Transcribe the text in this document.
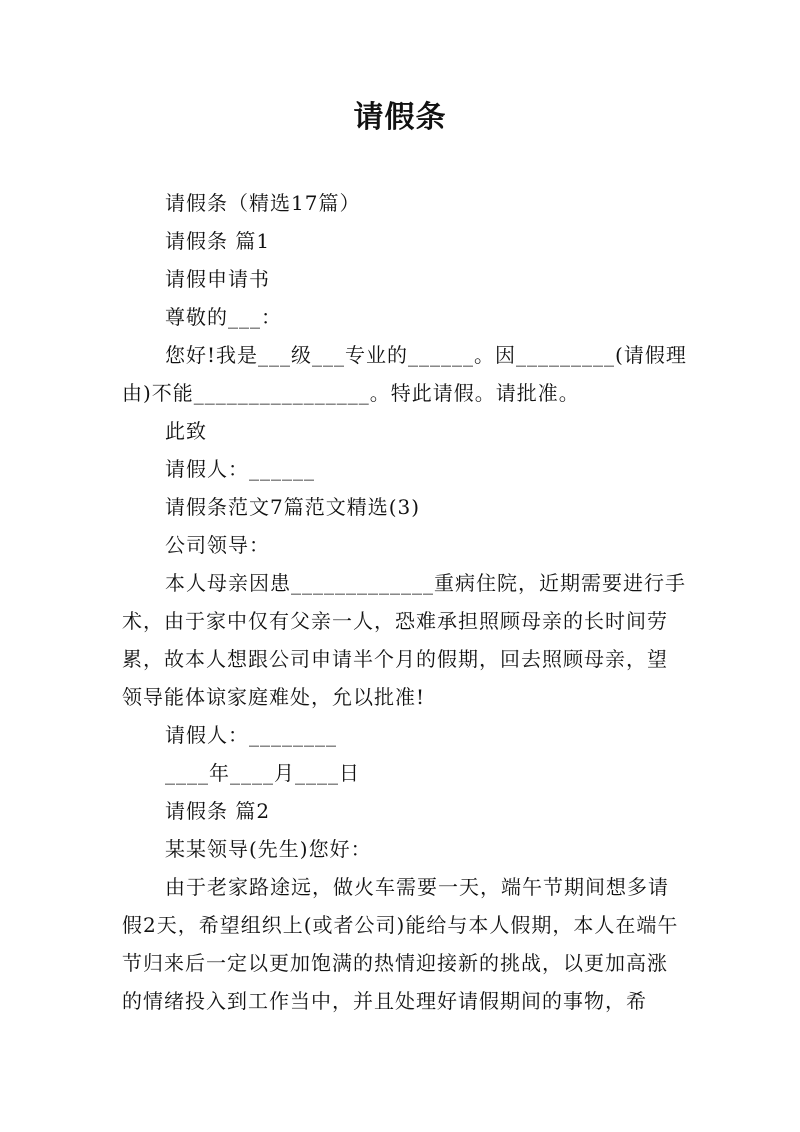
请假条

请假条（精选17篇）

请假条 篇1

请假申请书

尊敬的___：

您好!我是___级___专业的______。因_________(请假理由)不能________________。特此请假。请批准。

此致

请假人：______

请假条范文7篇范文精选(3)

公司领导：

本人母亲因患_____________重病住院，近期需要进行手术，由于家中仅有父亲一人，恐难承担照顾母亲的长时间劳累，故本人想跟公司申请半个月的假期，回去照顾母亲，望领导能体谅家庭难处，允以批准!

请假人：________

____年____月____日

请假条 篇2

某某领导(先生)您好：

由于老家路途远，做火车需要一天，端午节期间想多请假2天，希望组织上(或者公司)能给与本人假期，本人在端午节归来后一定以更加饱满的热情迎接新的挑战，以更加高涨的情绪投入到工作当中，并且处理好请假期间的事物，希
